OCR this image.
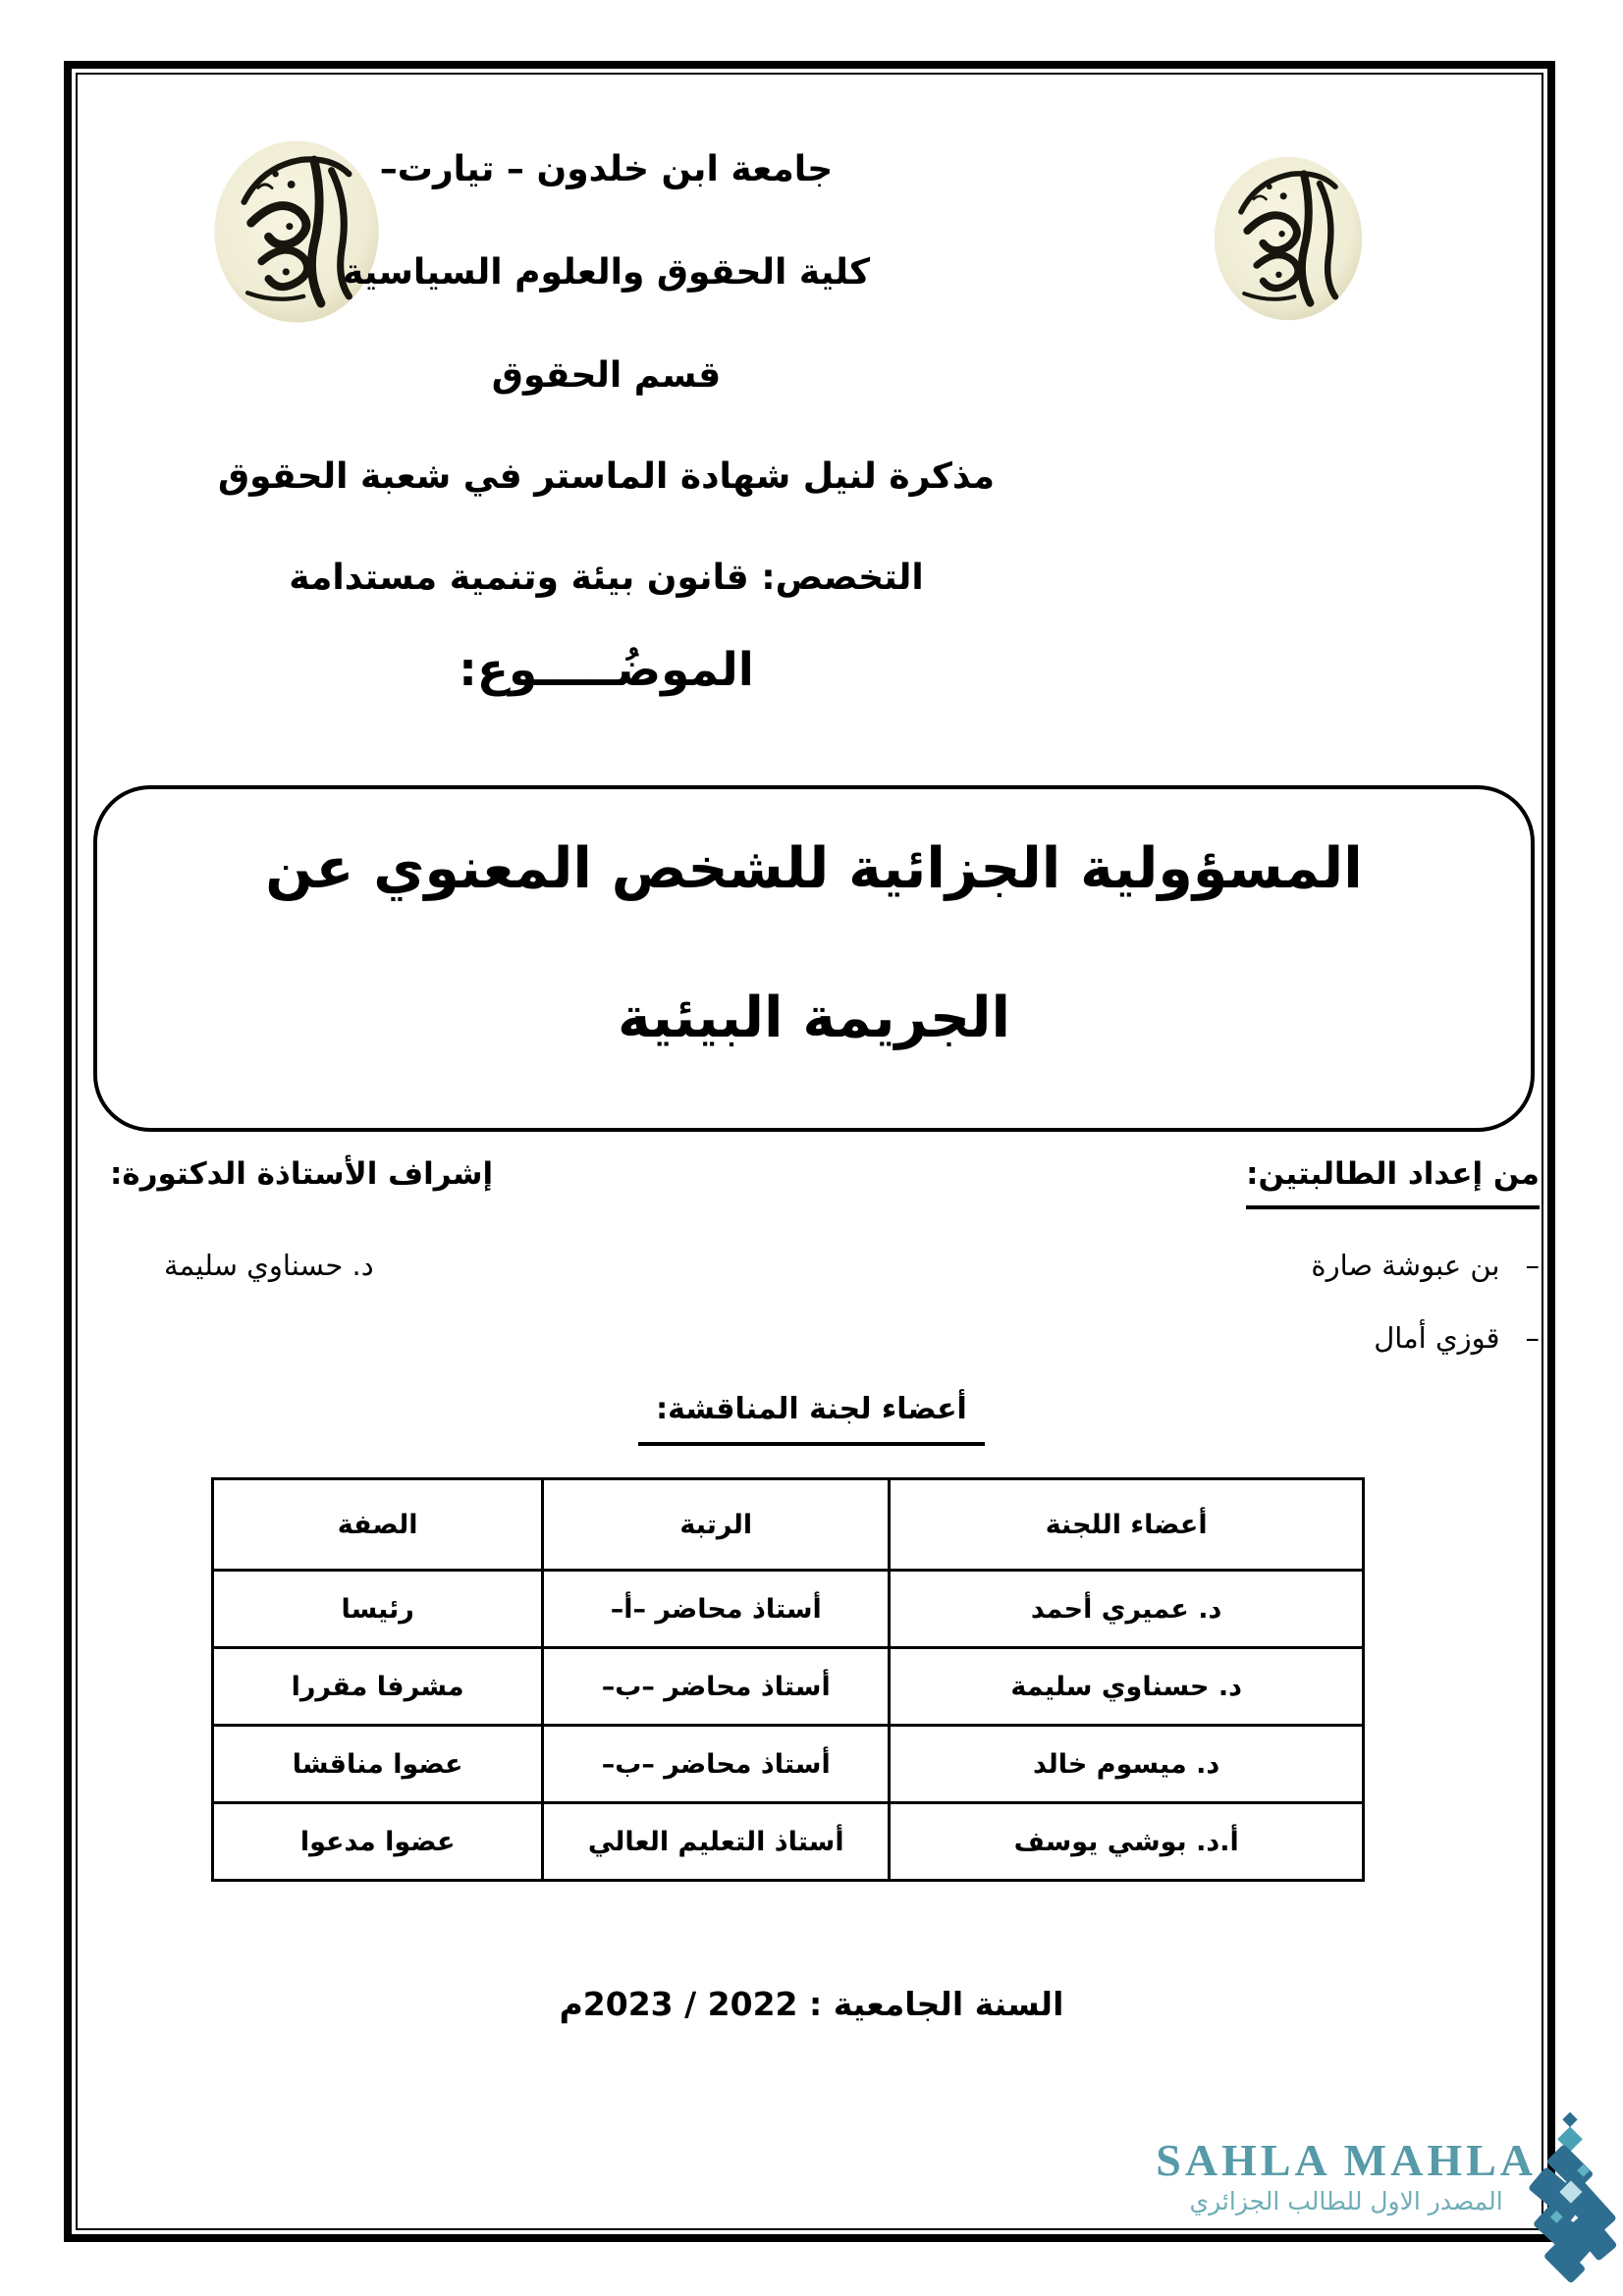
جامعة ابن خلدون – تيارت–
كلية الحقوق والعلوم السياسية
قسم الحقوق
مذكرة لنيل شهادة الماستر في شعبة الحقوق
التخصص: قانون بيئة وتنمية مستدامة
الموضُـــــوع:
المسؤولية الجزائية للشخص المعنوي عن
الجريمة البيئية
من إعداد الطالبتين:
–بن عبوشة صارة
–قوزي أمال
إشراف الأستاذة الدكتورة:
د. حسناوي سليمة
أعضاء لجنة المناقشة:
أعضاء اللجنة	الرتبة	الصفة
د. عميري أحمد	أستاذ محاضر –أ–	رئيسا
د. حسناوي سليمة	أستاذ محاضر –ب–	مشرفا مقررا
د. ميسوم خالد	أستاذ محاضر –ب–	عضوا مناقشا
أ.د. بوشي يوسف	أستاذ التعليم العالي	عضوا مدعوا
السنة الجامعية : 2022 / 2023م
SAHLA MAHLA
المصدر الاول للطالب الجزائري
